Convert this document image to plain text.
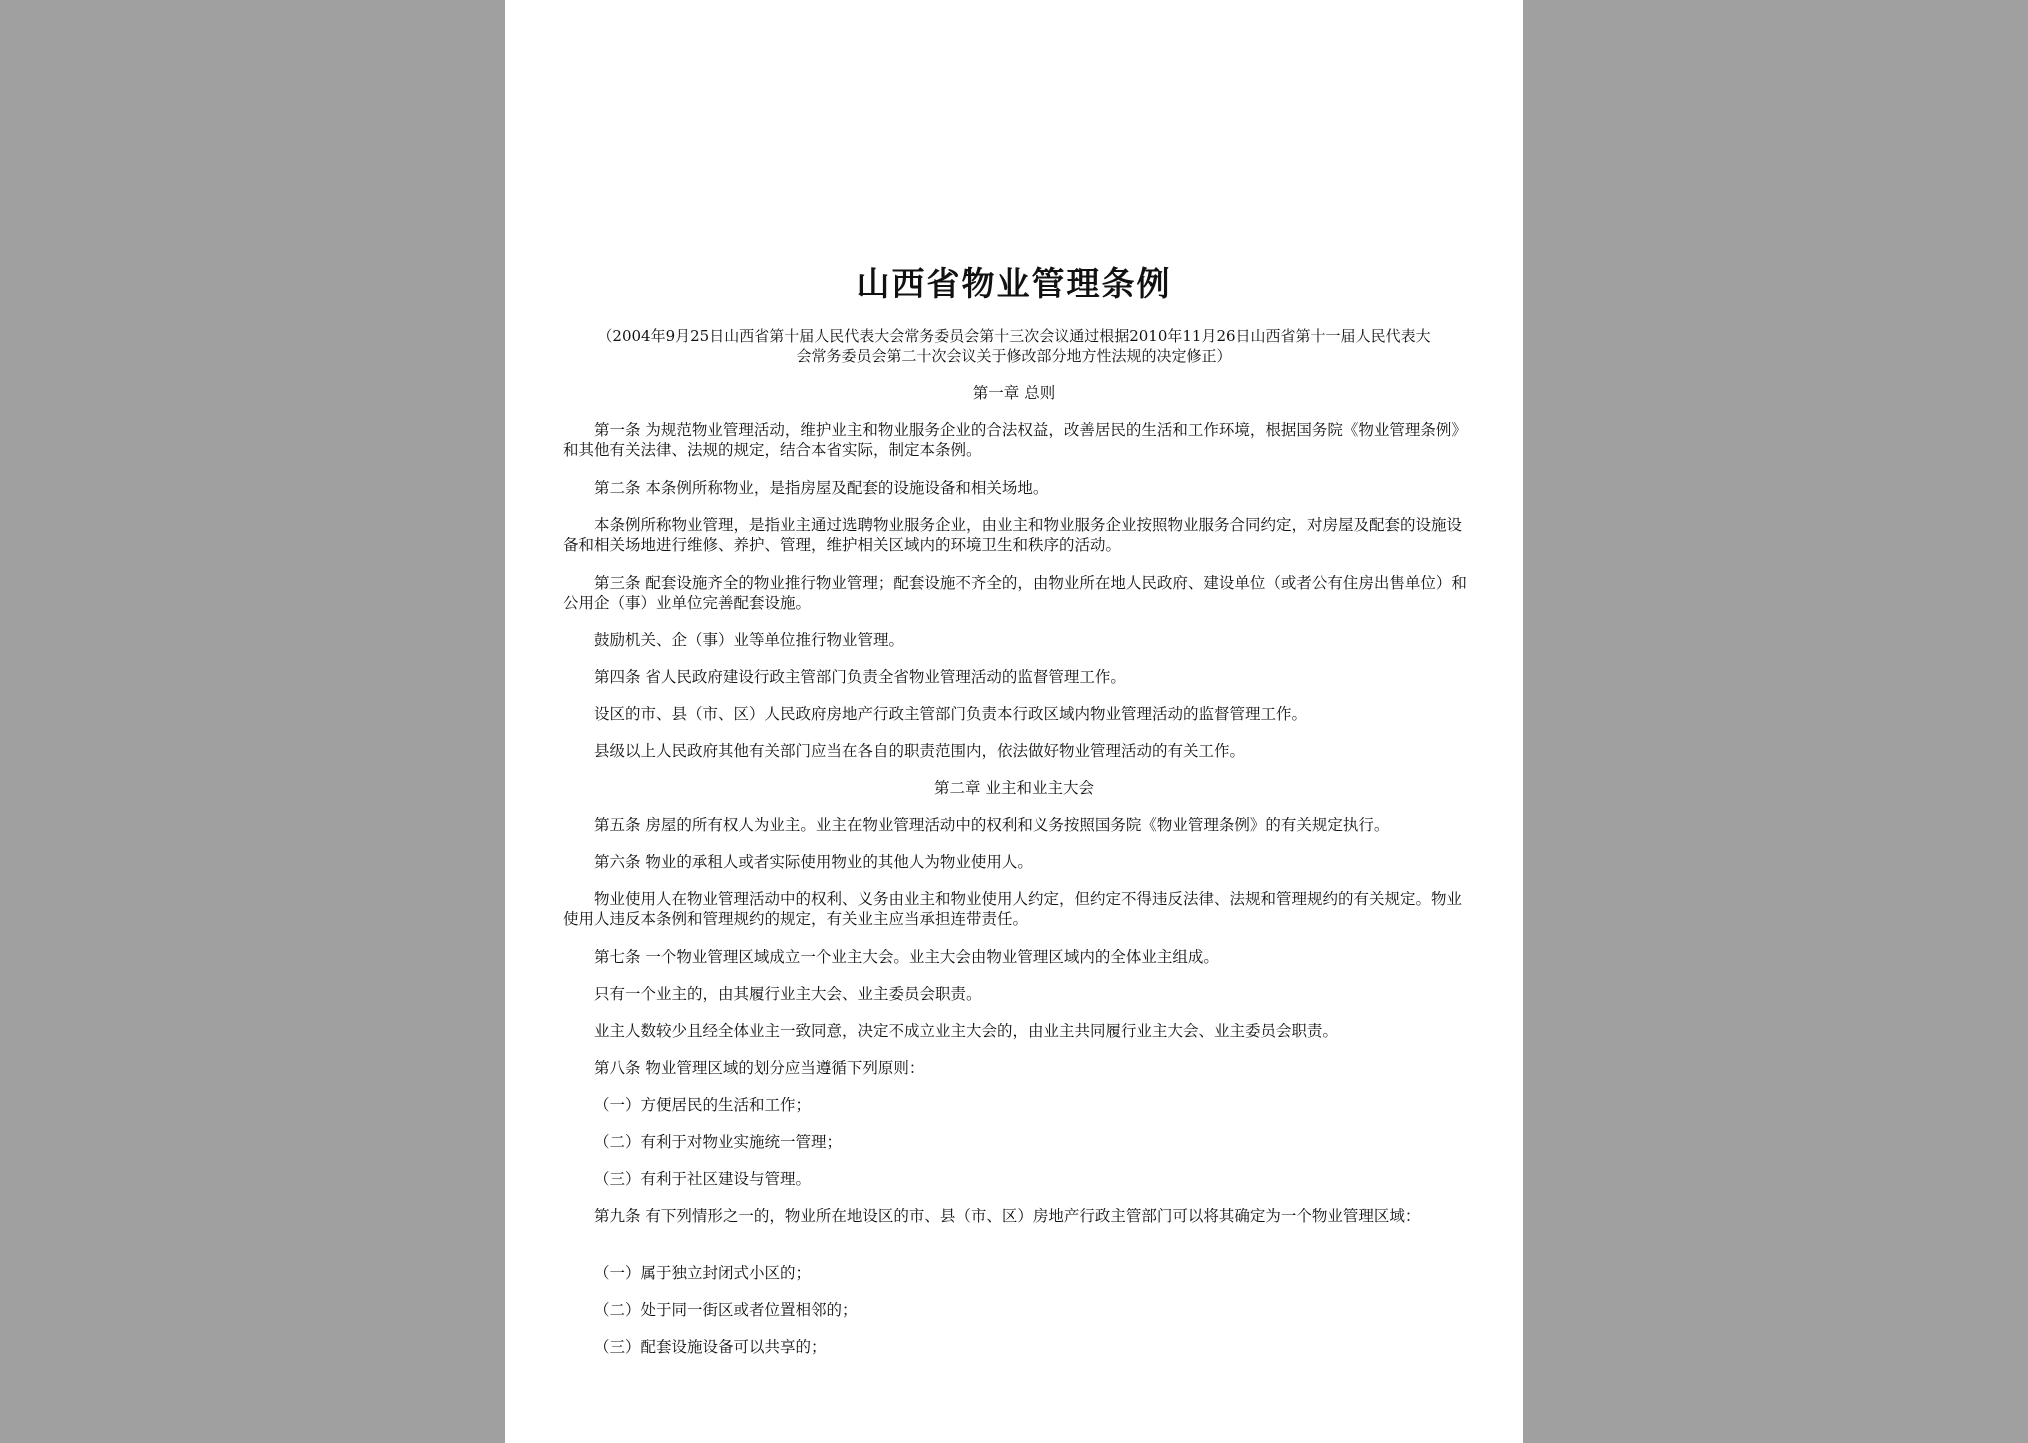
山西省物业管理条例

（2004年9月25日山西省第十届人民代表大会常务委员会第十三次会议通过根据2010年11月26日山西省第十一届人民代表大会常务委员会第二十次会议关于修改部分地方性法规的决定修正）

第一章 总则

第一条 为规范物业管理活动，维护业主和物业服务企业的合法权益，改善居民的生活和工作环境，根据国务院《物业管理条例》和其他有关法律、法规的规定，结合本省实际，制定本条例。

第二条 本条例所称物业，是指房屋及配套的设施设备和相关场地。

本条例所称物业管理，是指业主通过选聘物业服务企业，由业主和物业服务企业按照物业服务合同约定，对房屋及配套的设施设备和相关场地进行维修、养护、管理，维护相关区域内的环境卫生和秩序的活动。

第三条 配套设施齐全的物业推行物业管理；配套设施不齐全的，由物业所在地人民政府、建设单位（或者公有住房出售单位）和公用企（事）业单位完善配套设施。

鼓励机关、企（事）业等单位推行物业管理。

第四条 省人民政府建设行政主管部门负责全省物业管理活动的监督管理工作。

设区的市、县（市、区）人民政府房地产行政主管部门负责本行政区域内物业管理活动的监督管理工作。

县级以上人民政府其他有关部门应当在各自的职责范围内，依法做好物业管理活动的有关工作。

第二章 业主和业主大会

第五条 房屋的所有权人为业主。业主在物业管理活动中的权利和义务按照国务院《物业管理条例》的有关规定执行。

第六条 物业的承租人或者实际使用物业的其他人为物业使用人。

物业使用人在物业管理活动中的权利、义务由业主和物业使用人约定，但约定不得违反法律、法规和管理规约的有关规定。物业使用人违反本条例和管理规约的规定，有关业主应当承担连带责任。

第七条 一个物业管理区域成立一个业主大会。业主大会由物业管理区域内的全体业主组成。

只有一个业主的，由其履行业主大会、业主委员会职责。

业主人数较少且经全体业主一致同意，决定不成立业主大会的，由业主共同履行业主大会、业主委员会职责。

第八条 物业管理区域的划分应当遵循下列原则：

（一）方便居民的生活和工作；

（二）有利于对物业实施统一管理；

（三）有利于社区建设与管理。

第九条 有下列情形之一的，物业所在地设区的市、县（市、区）房地产行政主管部门可以将其确定为一个物业管理区域：

（一）属于独立封闭式小区的；

（二）处于同一街区或者位置相邻的；

（三）配套设施设备可以共享的；
